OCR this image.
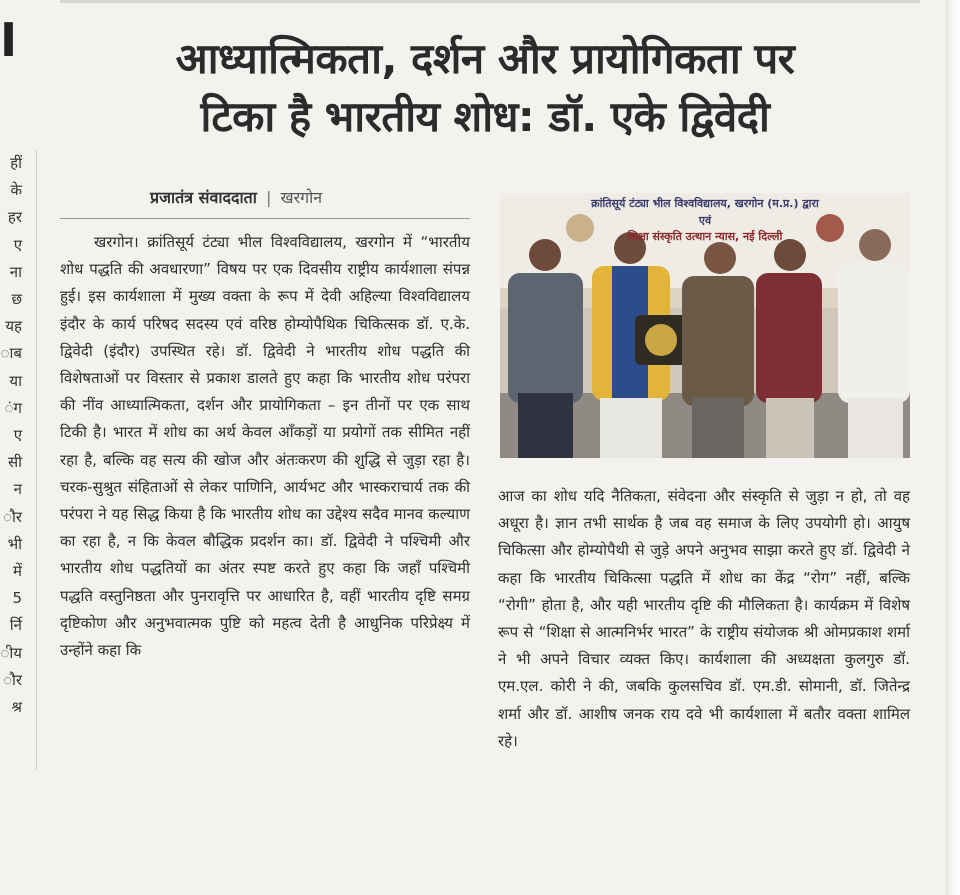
I
हीं
के
हर
ए
ना
छ
यह
ाब
या
ंग
ए
सी
न
ौर
भी
में
5
र्नि
ीय
ौर
श्र
आध्यात्मिकता, दर्शन और प्रायोगिकता पर
टिका है भारतीय शोध: डॉ. एके द्विवेदी
प्रजातंत्र संवाददाता | खरगोन

खरगोन। क्रांतिसूर्य टंट्या भील विश्वविद्यालय, खरगोन में “भारतीय शोध पद्धति की अवधारणा” विषय पर एक दिवसीय राष्ट्रीय कार्यशाला संपन्न हुई। इस कार्यशाला में मुख्य वक्ता के रूप में देवी अहिल्या विश्वविद्यालय इंदौर के कार्य परिषद सदस्य एवं वरिष्ठ होम्योपैथिक चिकित्सक डॉ. ए.के. द्विवेदी (इंदौर) उपस्थित रहे। डॉ. द्विवेदी ने भारतीय शोध पद्धति की विशेषताओं पर विस्तार से प्रकाश डालते हुए कहा कि भारतीय शोध परंपरा की नींव आध्यात्मिकता, दर्शन और प्रायोगिकता – इन तीनों पर एक साथ टिकी है। भारत में शोध का अर्थ केवल आँकड़ों या प्रयोगों तक सीमित नहीं रहा है, बल्कि वह सत्य की खोज और अंतःकरण की शुद्धि से जुड़ा रहा है। चरक-सुश्रुत संहिताओं से लेकर पाणिनि, आर्यभट और भास्कराचार्य तक की परंपरा ने यह सिद्ध किया है कि भारतीय शोध का उद्देश्य सदैव मानव कल्याण का रहा है, न कि केवल बौद्धिक प्रदर्शन का। डॉ. द्विवेदी ने पश्चिमी और भारतीय शोध पद्धतियों का अंतर स्पष्ट करते हुए कहा कि जहाँ पश्चिमी पद्धति वस्तुनिष्ठता और पुनरावृत्ति पर आधारित है, वहीं भारतीय दृष्टि समग्र दृष्टिकोण और अनुभवात्मक पुष्टि को महत्व देती है आधुनिक परिप्रेक्ष्य में उन्होंने कहा कि

क्रांतिसूर्य टंट्या भील विश्वविद्यालय, खरगोन (म.प्र.) द्वारा
एवं
शिक्षा संस्कृति उत्थान न्यास, नई दिल्ली

आज का शोध यदि नैतिकता, संवेदना और संस्कृति से जुड़ा न हो, तो वह अधूरा है। ज्ञान तभी सार्थक है जब वह समाज के लिए उपयोगी हो। आयुष चिकित्सा और होम्योपैथी से जुड़े अपने अनुभव साझा करते हुए डॉ. द्विवेदी ने कहा कि भारतीय चिकित्सा पद्धति में शोध का केंद्र “रोग” नहीं, बल्कि “रोगी” होता है, और यही भारतीय दृष्टि की मौलिकता है। कार्यक्रम में विशेष रूप से “शिक्षा से आत्मनिर्भर भारत” के राष्ट्रीय संयोजक श्री ओमप्रकाश शर्मा ने भी अपने विचार व्यक्त किए। कार्यशाला की अध्यक्षता कुलगुरु डॉ. एम.एल. कोरी ने की, जबकि कुलसचिव डॉ. एम.डी. सोमानी, डॉ. जितेन्द्र शर्मा और डॉ. आशीष जनक राय दवे भी कार्यशाला में बतौर वक्ता शामिल रहे।
